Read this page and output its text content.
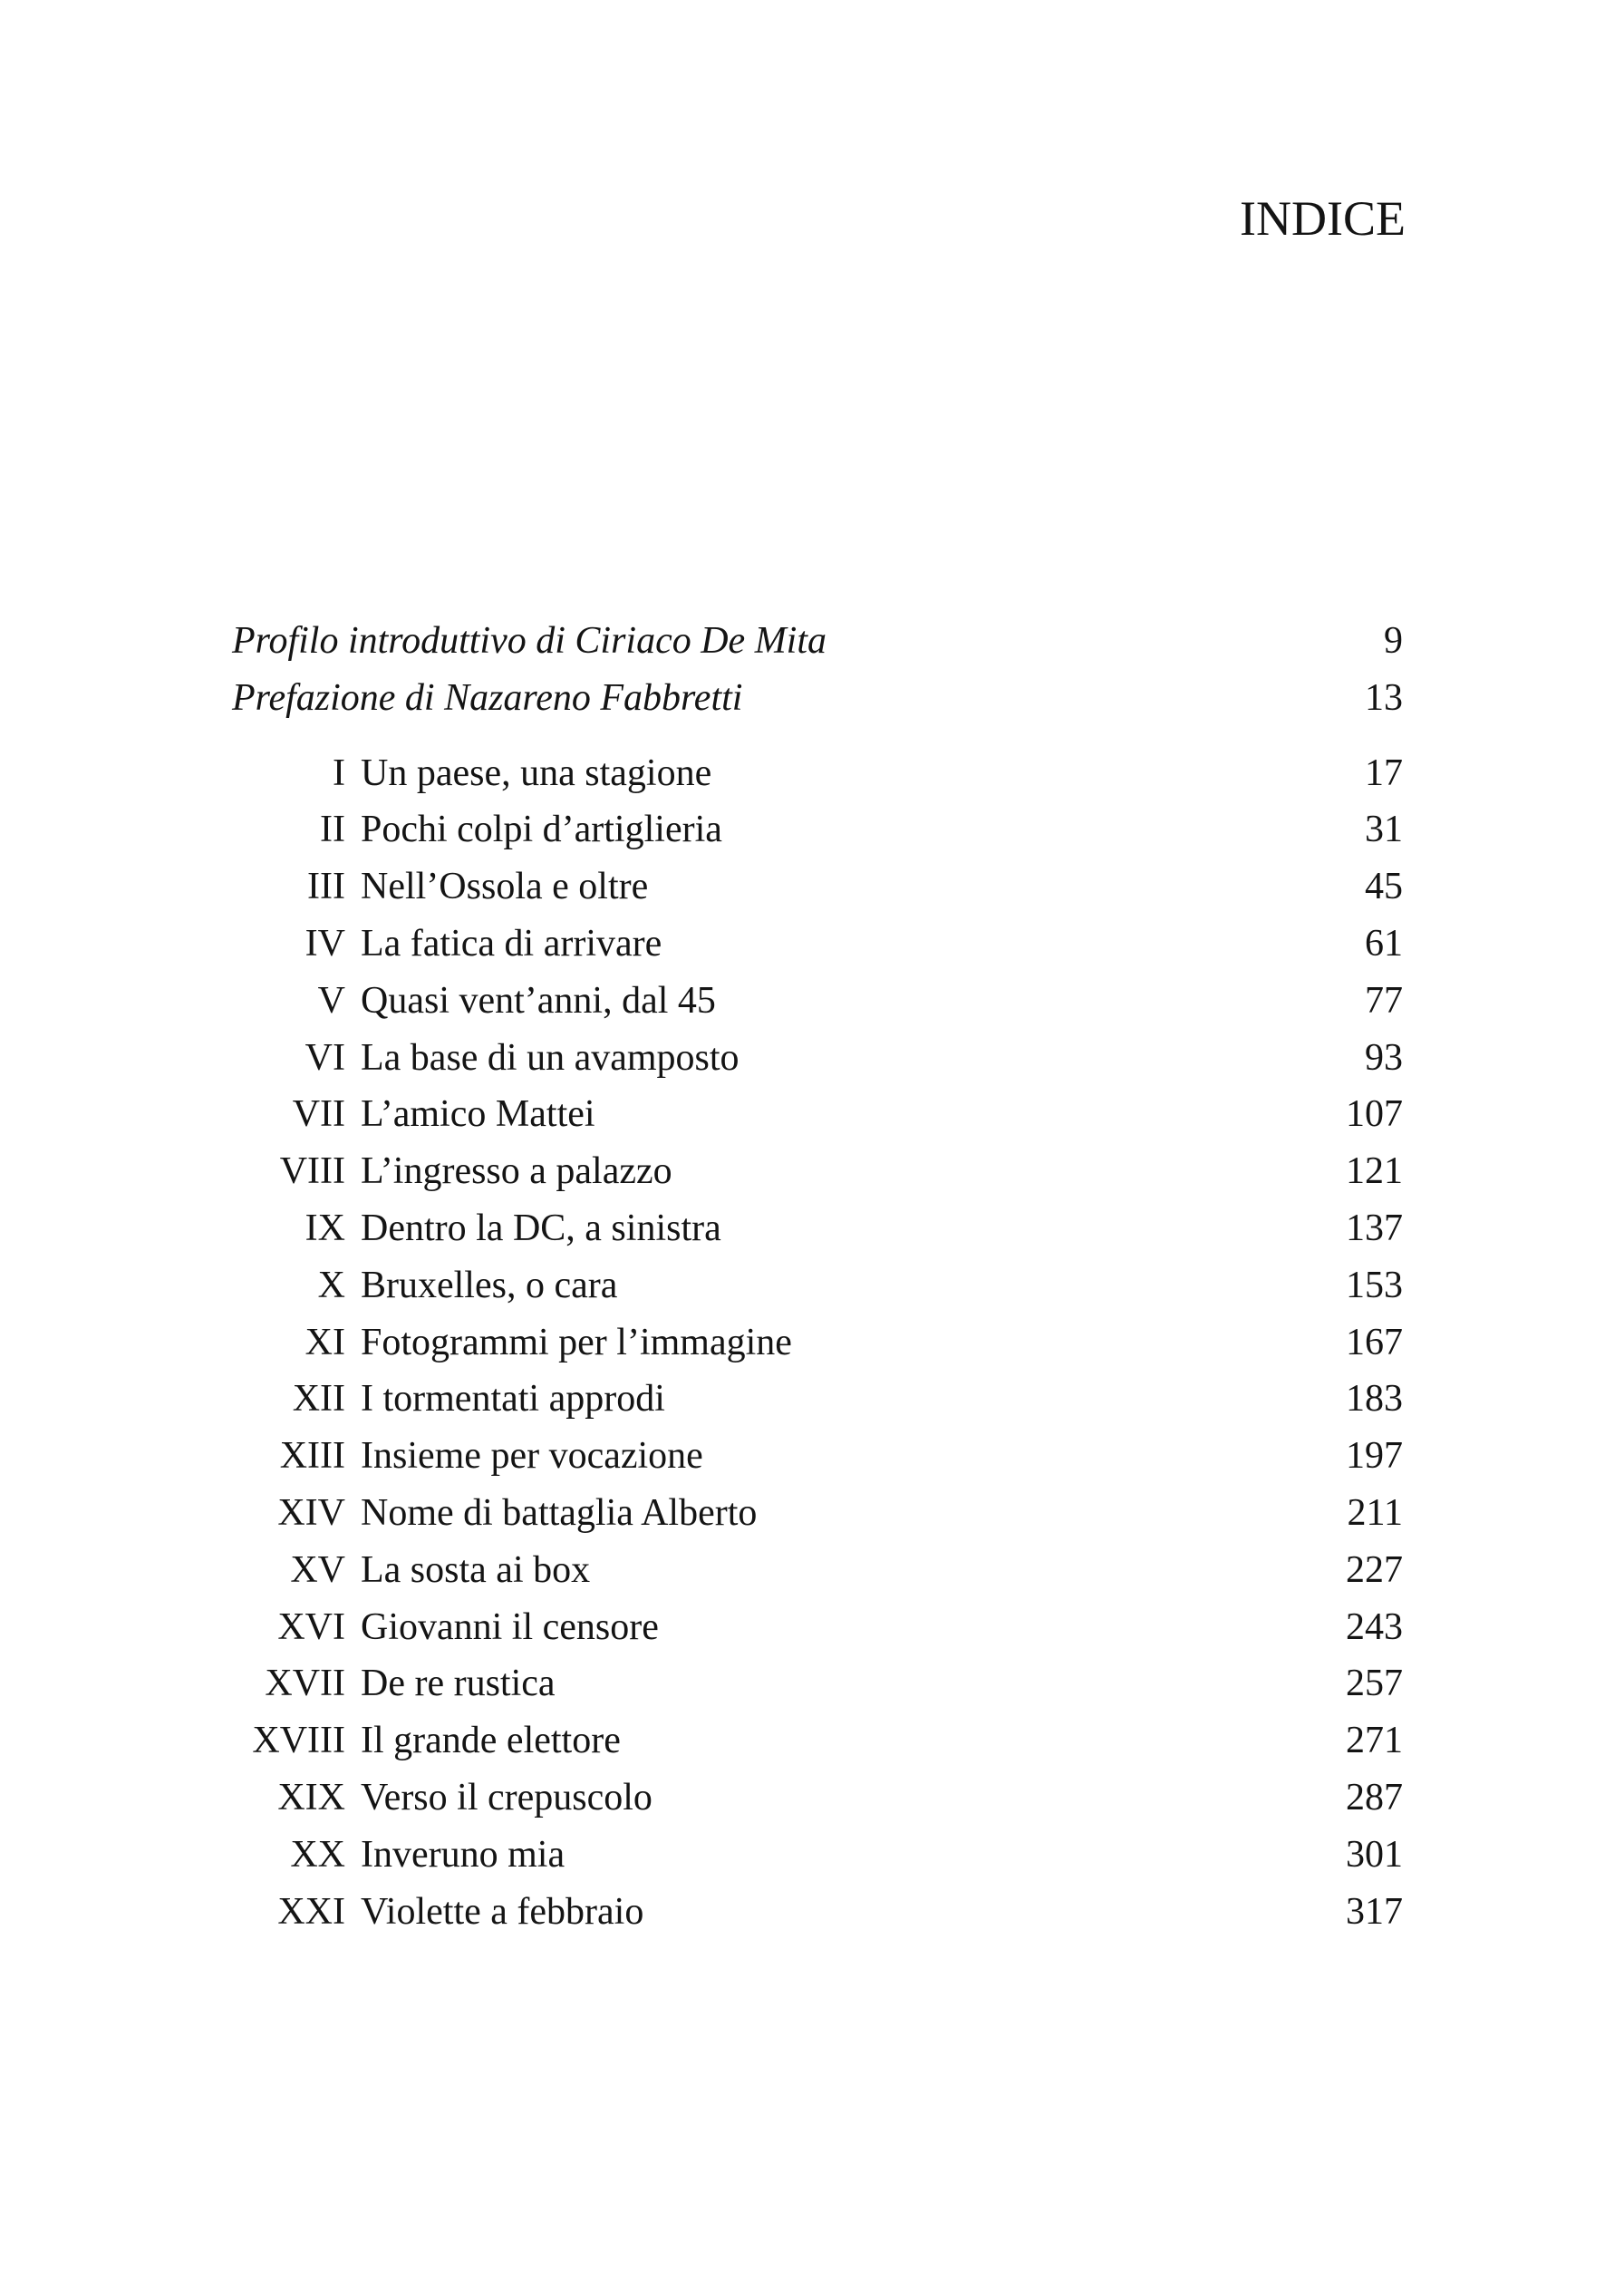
INDICE
Profilo introduttivo di Ciriaco De Mita	9
Prefazione di Nazareno Fabbretti	13
I Un paese, una stagione	17
II Pochi colpi d’artiglieria	31
III Nell’Ossola e oltre	45
IV La fatica di arrivare	61
V Quasi vent’anni, dal 45	77
VI La base di un avamposto	93
VII L’amico Mattei	107
VIII L’ingresso a palazzo	121
IX Dentro la DC, a sinistra	137
X Bruxelles, o cara	153
XI Fotogrammi per l’immagine	167
XII I tormentati approdi	183
XIII Insieme per vocazione	197
XIV Nome di battaglia Alberto	211
XV La sosta ai box	227
XVI Giovanni il censore	243
XVII De re rustica	257
XVIII Il grande elettore	271
XIX Verso il crepuscolo	287
XX Inveruno mia	301
XXI Violette a febbraio	317
